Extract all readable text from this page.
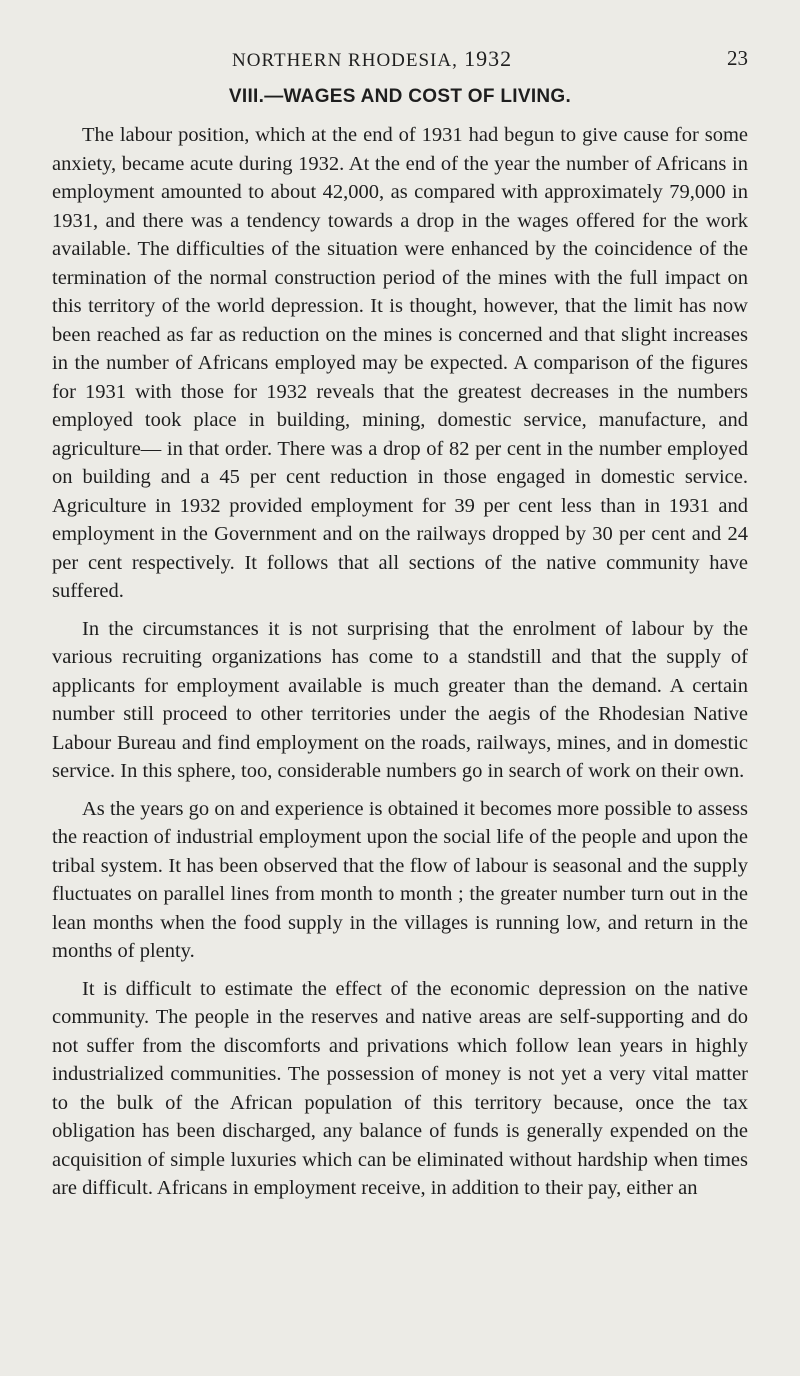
NORTHERN RHODESIA, 1932	23
VIII.—WAGES AND COST OF LIVING.

The labour position, which at the end of 1931 had begun to give cause for some anxiety, became acute during 1932. At the end of the year the number of Africans in employment amounted to about 42,000, as compared with approximately 79,000 in 1931, and there was a tendency towards a drop in the wages offered for the work available. The difficulties of the situation were enhanced by the coincidence of the termination of the normal construction period of the mines with the full impact on this territory of the world depression. It is thought, however, that the limit has now been reached as far as reduction on the mines is concerned and that slight increases in the number of Africans employed may be expected. A comparison of the figures for 1931 with those for 1932 reveals that the greatest decreases in the numbers employed took place in building, mining, domestic service, manufacture, and agriculture— in that order. There was a drop of 82 per cent in the number employed on building and a 45 per cent reduction in those engaged in domestic service. Agriculture in 1932 provided employment for 39 per cent less than in 1931 and employment in the Government and on the railways dropped by 30 per cent and 24 per cent respectively. It follows that all sections of the native community have suffered.

In the circumstances it is not surprising that the enrolment of labour by the various recruiting organizations has come to a standstill and that the supply of applicants for employment available is much greater than the demand. A certain number still proceed to other territories under the aegis of the Rhodesian Native Labour Bureau and find employment on the roads, railways, mines, and in domestic service. In this sphere, too, considerable numbers go in search of work on their own.

As the years go on and experience is obtained it becomes more possible to assess the reaction of industrial employment upon the social life of the people and upon the tribal system. It has been observed that the flow of labour is seasonal and the supply fluctuates on parallel lines from month to month ; the greater number turn out in the lean months when the food supply in the villages is running low, and return in the months of plenty.

It is difficult to estimate the effect of the economic depression on the native community. The people in the reserves and native areas are self-supporting and do not suffer from the discomforts and privations which follow lean years in highly industrialized communities. The possession of money is not yet a very vital matter to the bulk of the African population of this territory because, once the tax obligation has been discharged, any balance of funds is generally expended on the acquisition of simple luxuries which can be eliminated without hardship when times are difficult. Africans in employment receive, in addition to their pay, either an
